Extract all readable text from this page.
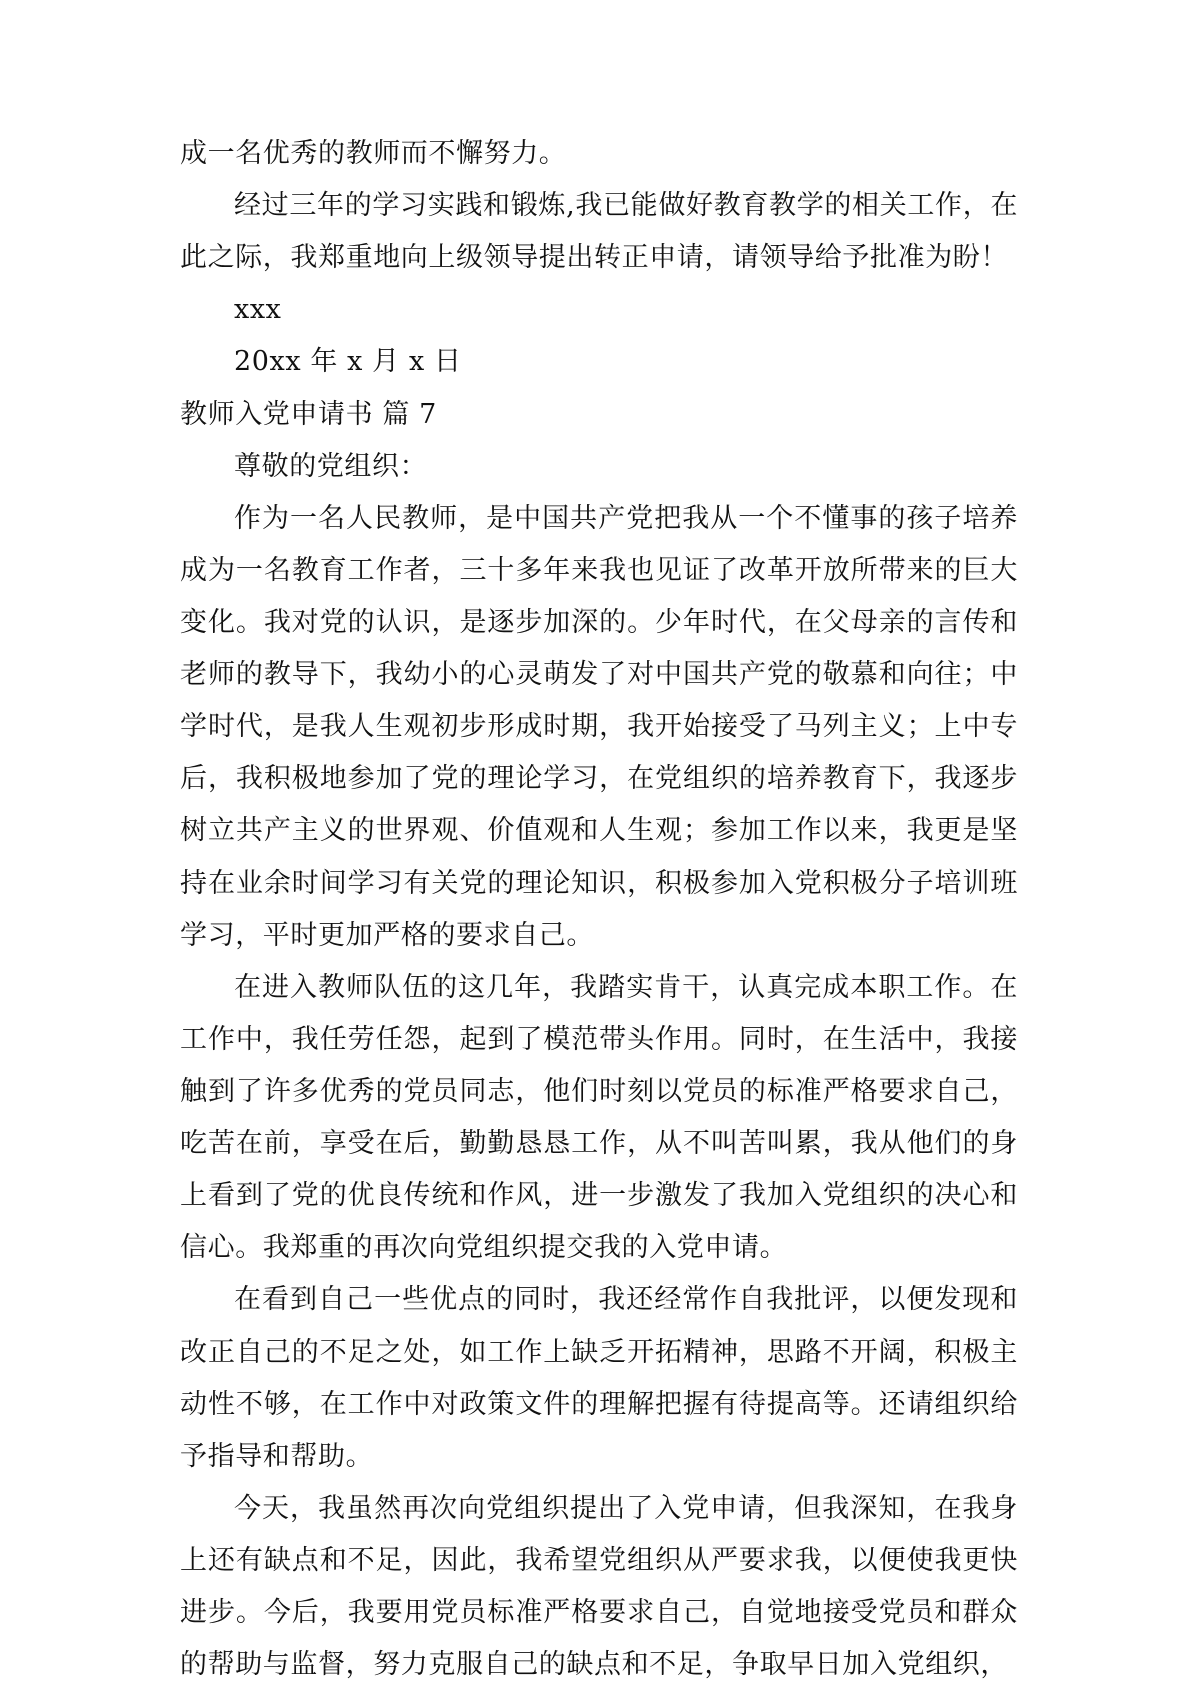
成一名优秀的教师而不懈努力。

经过三年的学习实践和锻炼,我已能做好教育教学的相关工作，在此之际，我郑重地向上级领导提出转正申请，请领导给予批准为盼！

xxx

20xx 年 x 月 x 日

教师入党申请书 篇 7

尊敬的党组织：

作为一名人民教师，是中国共产党把我从一个不懂事的孩子培养成为一名教育工作者，三十多年来我也见证了改革开放所带来的巨大变化。我对党的认识，是逐步加深的。少年时代，在父母亲的言传和老师的教导下，我幼小的心灵萌发了对中国共产党的敬慕和向往；中学时代，是我人生观初步形成时期，我开始接受了马列主义；上中专后，我积极地参加了党的理论学习，在党组织的培养教育下，我逐步树立共产主义的世界观、价值观和人生观；参加工作以来，我更是坚持在业余时间学习有关党的理论知识，积极参加入党积极分子培训班学习，平时更加严格的要求自己。

在进入教师队伍的这几年，我踏实肯干，认真完成本职工作。在工作中，我任劳任怨，起到了模范带头作用。同时，在生活中，我接触到了许多优秀的党员同志，他们时刻以党员的标准严格要求自己，吃苦在前，享受在后，勤勤恳恳工作，从不叫苦叫累，我从他们的身上看到了党的优良传统和作风，进一步激发了我加入党组织的决心和信心。我郑重的再次向党组织提交我的入党申请。

在看到自己一些优点的同时，我还经常作自我批评，以便发现和改正自己的不足之处，如工作上缺乏开拓精神，思路不开阔，积极主动性不够，在工作中对政策文件的理解把握有待提高等。还请组织给予指导和帮助。

今天，我虽然再次向党组织提出了入党申请，但我深知，在我身上还有缺点和不足，因此，我希望党组织从严要求我，以便使我更快进步。今后，我要用党员标准严格要求自己，自觉地接受党员和群众的帮助与监督，努力克服自己的缺点和不足，争取早日加入党组织，
